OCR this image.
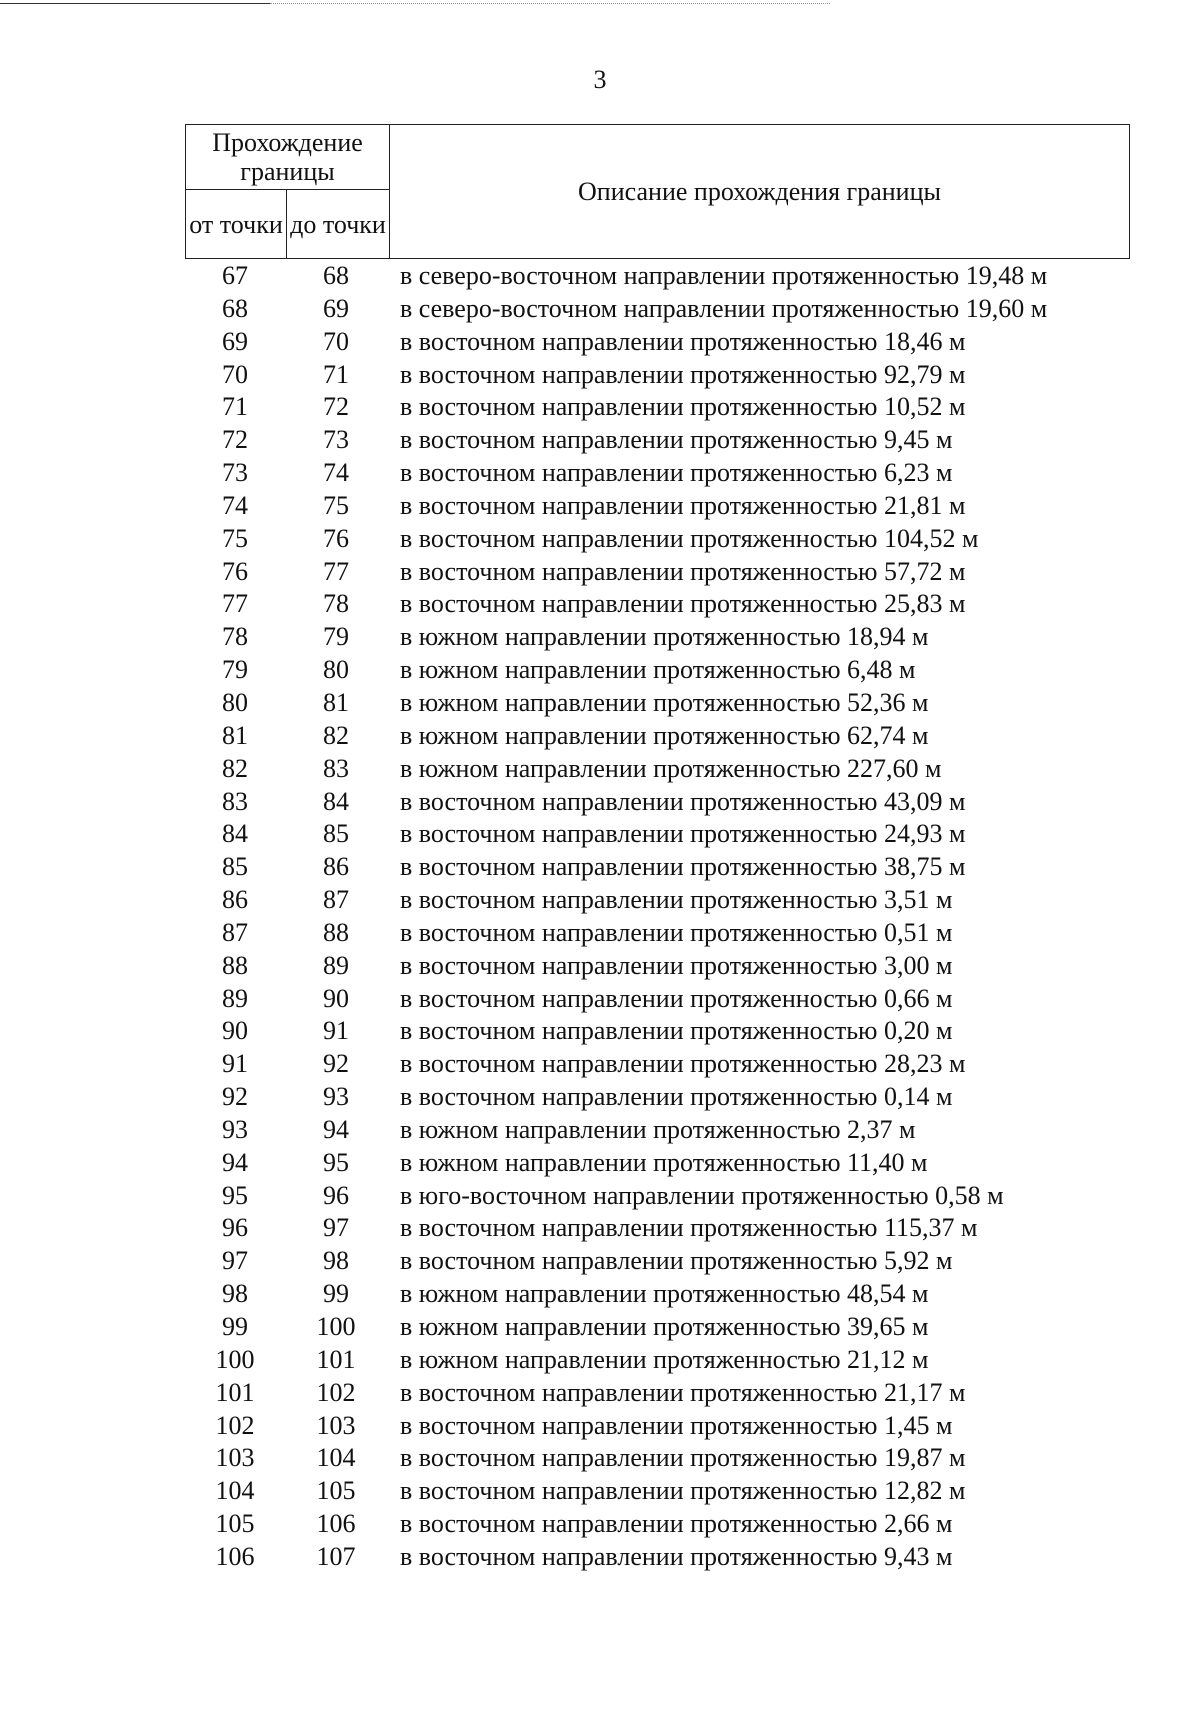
3
Прохождение границы		Описание прохождения границы
от точки	до точки	
67	68	в северо-восточном направлении протяженностью 19,48 м
68	69	в северо-восточном направлении протяженностью 19,60 м
69	70	в восточном направлении протяженностью 18,46 м
70	71	в восточном направлении протяженностью 92,79 м
71	72	в восточном направлении протяженностью 10,52 м
72	73	в восточном направлении протяженностью 9,45 м
73	74	в восточном направлении протяженностью 6,23 м
74	75	в восточном направлении протяженностью 21,81 м
75	76	в восточном направлении протяженностью 104,52 м
76	77	в восточном направлении протяженностью 57,72 м
77	78	в восточном направлении протяженностью 25,83 м
78	79	в южном направлении протяженностью 18,94 м
79	80	в южном направлении протяженностью 6,48 м
80	81	в южном направлении протяженностью 52,36 м
81	82	в южном направлении протяженностью 62,74 м
82	83	в южном направлении протяженностью 227,60 м
83	84	в восточном направлении протяженностью 43,09 м
84	85	в восточном направлении протяженностью 24,93 м
85	86	в восточном направлении протяженностью 38,75 м
86	87	в восточном направлении протяженностью 3,51 м
87	88	в восточном направлении протяженностью 0,51 м
88	89	в восточном направлении протяженностью 3,00 м
89	90	в восточном направлении протяженностью 0,66 м
90	91	в восточном направлении протяженностью 0,20 м
91	92	в восточном направлении протяженностью 28,23 м
92	93	в восточном направлении протяженностью 0,14 м
93	94	в южном направлении протяженностью 2,37 м
94	95	в южном направлении протяженностью 11,40 м
95	96	в юго-восточном направлении протяженностью 0,58 м
96	97	в восточном направлении протяженностью 115,37 м
97	98	в восточном направлении протяженностью 5,92 м
98	99	в южном направлении протяженностью 48,54 м
99	100	в южном направлении протяженностью 39,65 м
100	101	в южном направлении протяженностью 21,12 м
101	102	в восточном направлении протяженностью 21,17 м
102	103	в восточном направлении протяженностью 1,45 м
103	104	в восточном направлении протяженностью 19,87 м
104	105	в восточном направлении протяженностью 12,82 м
105	106	в восточном направлении протяженностью 2,66 м
106	107	в восточном направлении протяженностью 9,43 м
